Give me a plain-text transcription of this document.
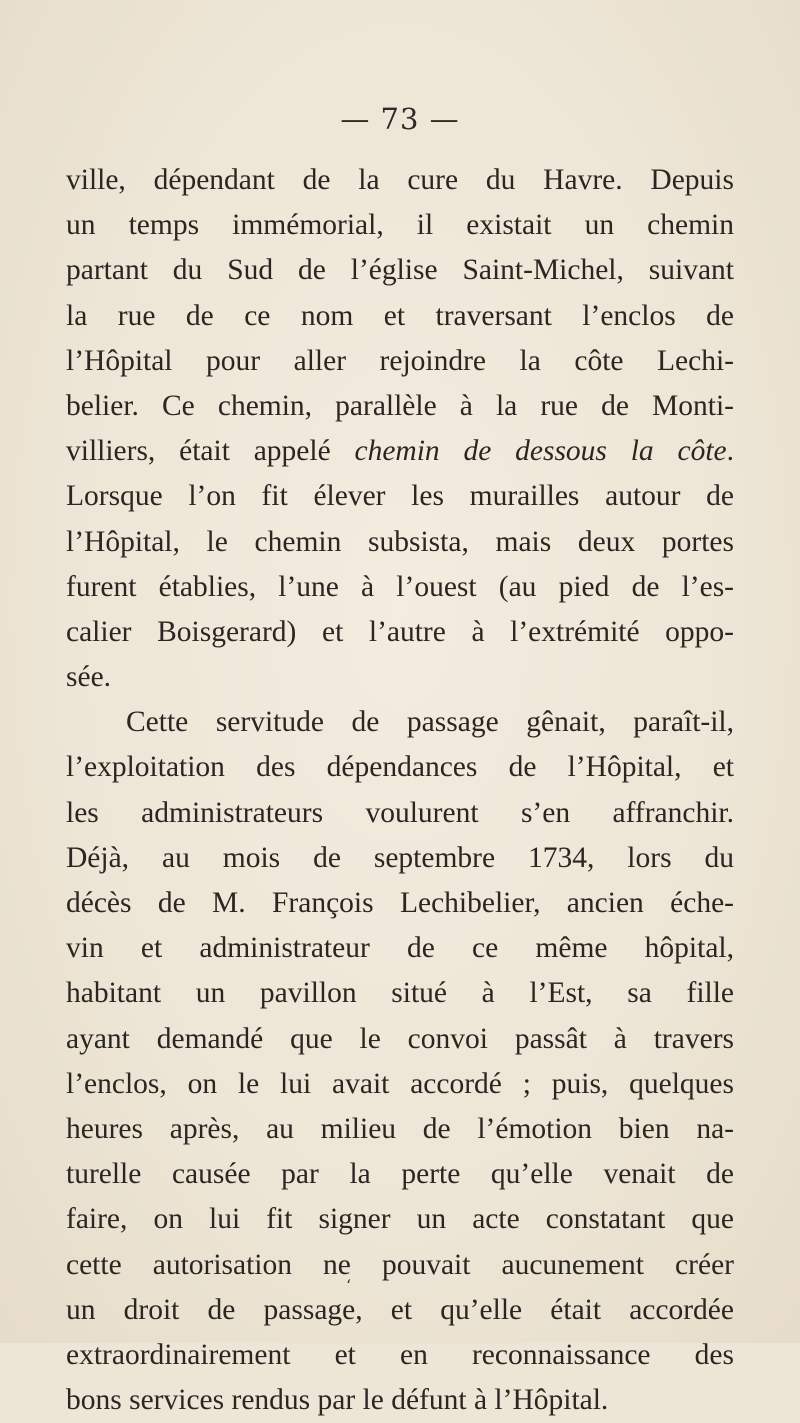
— 73 —
ville, dépendant de la cure du Havre. Depuis
un temps immémorial, il existait un chemin
partant du Sud de l’église Saint-Michel, suivant
la rue de ce nom et traversant l’enclos de
l’Hôpital pour aller rejoindre la côte Lechi-
belier. Ce chemin, parallèle à la rue de Monti-
villiers, était appelé chemin de dessous la côte.
Lorsque l’on fit élever les murailles autour de
l’Hôpital, le chemin subsista, mais deux portes
furent établies, l’une à l’ouest (au pied de l’es-
calier Boisgerard) et l’autre à l’extrémité oppo-
sée.
Cette servitude de passage gênait, paraît-il,
l’exploitation des dépendances de l’Hôpital, et
les administrateurs voulurent s’en affranchir.
Déjà, au mois de septembre 1734, lors du
décès de M. François Lechibelier, ancien éche-
vin et administrateur de ce même hôpital,
habitant un pavillon situé à l’Est, sa fille
ayant demandé que le convoi passât à travers
l’enclos, on le lui avait accordé ; puis, quelques
heures après, au milieu de l’émotion bien na-
turelle causée par la perte qu’elle venait de
faire, on lui fit signer un acte constatant que
cette autorisation ne pouvait aucunement créer
un droit de passage, et qu’elle était accordée
extraordinairement et en reconnaissance des
bons services rendus par le défunt à l’Hôpital.
ʻ
